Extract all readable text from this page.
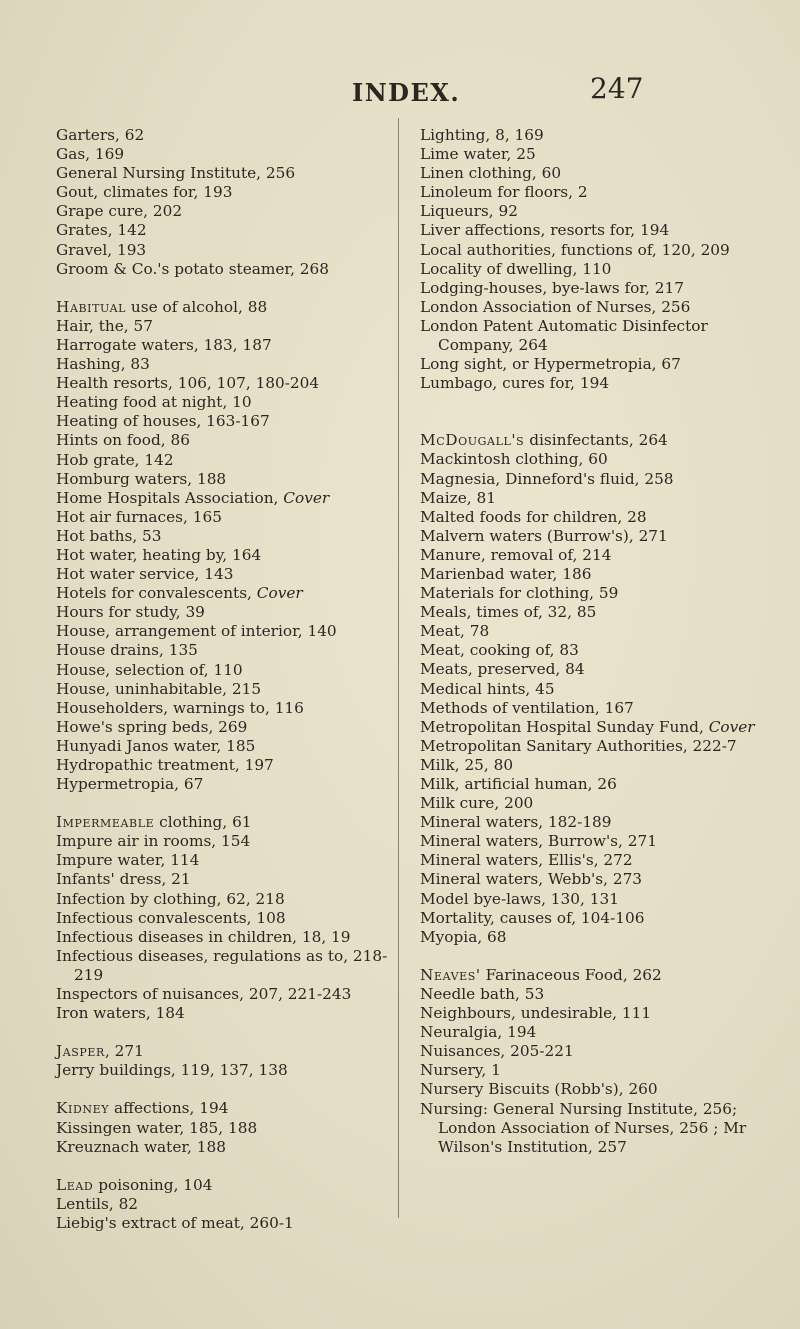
INDEX.	247

Garters, 62

Gas, 169

General Nursing Institute, 256

Gout, climates for, 193

Grape cure, 202

Grates, 142

Gravel, 193

Groom & Co.'s potato steamer, 268

Habitual use of alcohol, 88

Hair, the, 57

Harrogate waters, 183, 187

Hashing, 83

Health resorts, 106, 107, 180-204

Heating food at night, 10

Heating of houses, 163-167

Hints on food, 86

Hob grate, 142

Homburg waters, 188

Home Hospitals Association, Cover

Hot air furnaces, 165

Hot baths, 53

Hot water, heating by, 164

Hot water service, 143

Hotels for convalescents, Cover

Hours for study, 39

House, arrangement of interior, 140

House drains, 135

House, selection of, 110

House, uninhabitable, 215

Householders, warnings to, 116

Howe's spring beds, 269

Hunyadi Janos water, 185

Hydropathic treatment, 197

Hypermetropia, 67

Impermeable clothing, 61

Impure air in rooms, 154

Impure water, 114

Infants' dress, 21

Infection by clothing, 62, 218

Infectious convalescents, 108

Infectious diseases in children, 18, 19

Infectious diseases, regulations as to, 218-219

Inspectors of nuisances, 207, 221-243

Iron waters, 184

Jasper, 271

Jerry buildings, 119, 137, 138

Kidney affections, 194

Kissingen water, 185, 188

Kreuznach water, 188

Lead poisoning, 104

Lentils, 82

Liebig's extract of meat, 260-1

Lighting, 8, 169

Lime water, 25

Linen clothing, 60

Linoleum for floors, 2

Liqueurs, 92

Liver affections, resorts for, 194

Local authorities, functions of, 120, 209

Locality of dwelling, 110

Lodging-houses, bye-laws for, 217

London Association of Nurses, 256

London Patent Automatic Disinfector Company, 264

Long sight, or Hypermetropia, 67

Lumbago, cures for, 194

McDougall's disinfectants, 264

Mackintosh clothing, 60

Magnesia, Dinneford's fluid, 258

Maize, 81

Malted foods for children, 28

Malvern waters (Burrow's), 271

Manure, removal of, 214

Marienbad water, 186

Materials for clothing, 59

Meals, times of, 32, 85

Meat, 78

Meat, cooking of, 83

Meats, preserved, 84

Medical hints, 45

Methods of ventilation, 167

Metropolitan Hospital Sunday Fund, Cover

Metropolitan Sanitary Authorities, 222-7

Milk, 25, 80

Milk, artificial human, 26

Milk cure, 200

Mineral waters, 182-189

Mineral waters, Burrow's, 271

Mineral waters, Ellis's, 272

Mineral waters, Webb's, 273

Model bye-laws, 130, 131

Mortality, causes of, 104-106

Myopia, 68

Neaves' Farinaceous Food, 262

Needle bath, 53

Neighbours, undesirable, 111

Neuralgia, 194

Nuisances, 205-221

Nursery, 1

Nursery Biscuits (Robb's), 260

Nursing: General Nursing Institute, 256; London Association of Nurses, 256 ; Mr Wilson's Institution, 257
